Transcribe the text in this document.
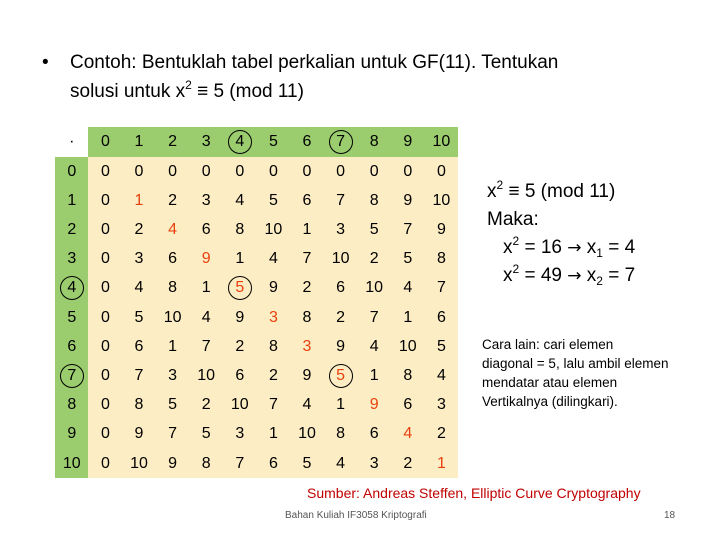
• Contoh: Bentuklah tabel perkalian untuk GF(11). Tentukan
solusi untuk $x^2 \equiv 5$ (mod 11)
·	0	1	2	3	4	5	6	7	8	9	10
0	0	0	0	0	0	0	0	0	0	0	0
1	0	1	2	3	4	5	6	7	8	9	10
2	0	2	4	6	8	10	1	3	5	7	9
3	0	3	6	9	1	4	7	10	2	5	8
4	0	4	8	1	5	9	2	6	10	4	7
5	0	5	10	4	9	3	8	2	7	1	6
6	0	6	1	7	2	8	3	9	4	10	5
7	0	7	3	10	6	2	9	5	1	8	4
8	0	8	5	2	10	7	4	1	9	6	3
9	0	9	7	5	3	1	10	8	6	4	2
10	0	10	9	8	7	6	5	4	3	2	1
$x^2 \equiv 5$ (mod 11)
Maka:
$x^2 = 16 \to x_1 = 4$
$x^2 = 49 \to x_2 = 7$
Cara lain: cari elemen
diagonal = 5, lalu ambil elemen
mendatar atau elemen
Vertikalnya (dilingkari).
Sumber: Andreas Steffen, Elliptic Curve Cryptography
Bahan Kuliah IF3058 Kriptografi	18
